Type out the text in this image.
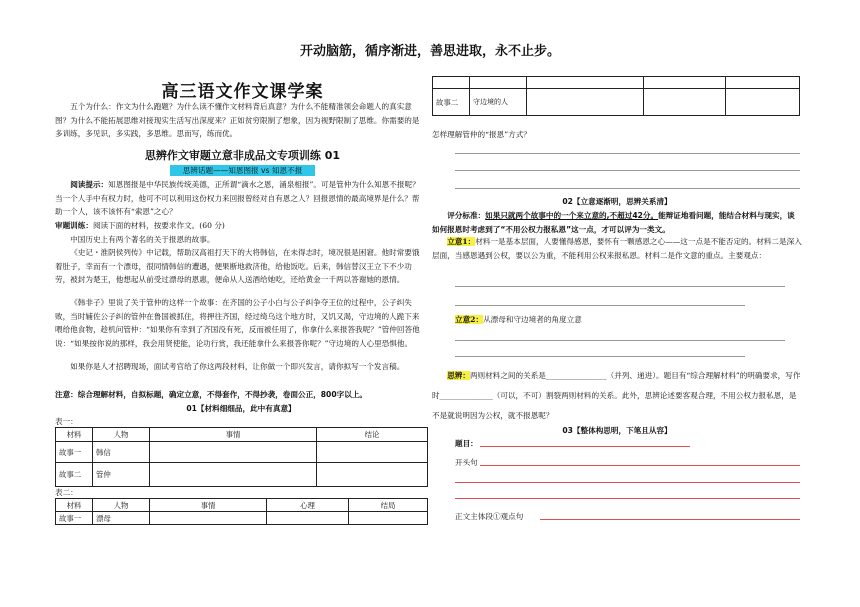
开动脑筋，循序渐进，善思进取，永不止步。
高三语文作文课学案
五个为什么：作文为什么跑题？为什么读不懂作文材料背后真意？为什么不能精准领会命题人的真实意图？为什么不能拓展思维对接现实生活写出深度来？正如贫穷限制了想象，因为视野限制了思维。你需要的是多训练，多见识，多实践，多思维。思而写，练而优。
思辨作文审题立意非成品文专项训练 01
思辨话题——知恩图报 vs 知恩不报
阅读提示：知恩图报是中华民族传统美德，正所谓“滴水之恩，涌泉相报”。可是管仲为什么知恩不报呢？当一个人手中有权力时，他可不可以利用这份权力来回报曾经对自有恩之人？回报恩情的最高境界是什么？帮助一个人，该不该怀有“索恩”之心？
审题训练：阅读下面的材料，按要求作文。(60 分)
中国历史上有两个著名的关于报恩的故事。
《史记・淮阴侯列传》中记载，帮助汉高祖打天下的大将韩信，在未得志时，境况很是困窘。他时常要饿着肚子，幸而有一个漂母，很同情韩信的遭遇，便果断地救济他，给他饭吃。后来，韩信替汉王立下不少功劳，被封为楚王，他想起从前受过漂母的恩惠，便命从人送酒给她吃，还给黄金一千两以答谢她的恩情。
《韩非子》里说了关于管仲的这样一个故事：在齐国的公子小白与公子纠争夺王位的过程中，公子纠失败，当时辅佐公子纠的管仲在鲁国被抓住，将押往齐国，经过绮乌这个地方时，又饥又渴，守边境的人跪下来喂给他食物，趁机问管仲：“如果你有幸到了齐国没有死，反而被任用了，你拿什么来报答我呢？”管仲回答他说：“如果按你说的那样，我会用贤使能，论功行赏，我还能拿什么来报答你呢？”守边境的人心里恐惧他。
如果你是人才招聘现场，面试考官给了你这两段材料，让你做一个即兴发言，请你拟写一个发言稿。
注意：综合理解材料，自拟标题，确定立意，不得套作，不得抄袭，卷面公正，800字以上。
01【材料细细品，此中有真意】
表一：
材料	人物	事情	结论
故事一	韩信		
故事二	管仲		
表二：
材料	人物	事情	心理	结局
故事一	漂母			

故事二	守边境的人			
怎样理解管仲的“报恩”方式？
02【立意逐渐明，思辨关系清】
评分标准：如果只就两个故事中的一个来立意的,不超过42分。能辩证地看问题，能结合材料与现实，谈如何报恩时考虑到了“不用公权力报私恩”这一点，才可以评为一类文。
立意1：材料一是基本层面，人要懂得感恩，要怀有一颗感恩之心——这一点是不能否定的。材料二是深入层面，当感恩遇到公权，要以公为重，不能利用公权来报私恩。材料二是作文意的重点。主要观点：
立意2：从漂母和守边境者的角度立意
思辨：两则材料之间的关系是________________（并列、递进）。题目有“综合理解材料”的明确要求，写作时______________（可以，不可）割裂两则材料的关系。此外，思辨论述要客观合理，不用公权力报私恩，是不是就说明因为公权，就不报恩呢？
03【整体构思明，下笔且从容】
题目：
开头句
正文主体段①观点句
